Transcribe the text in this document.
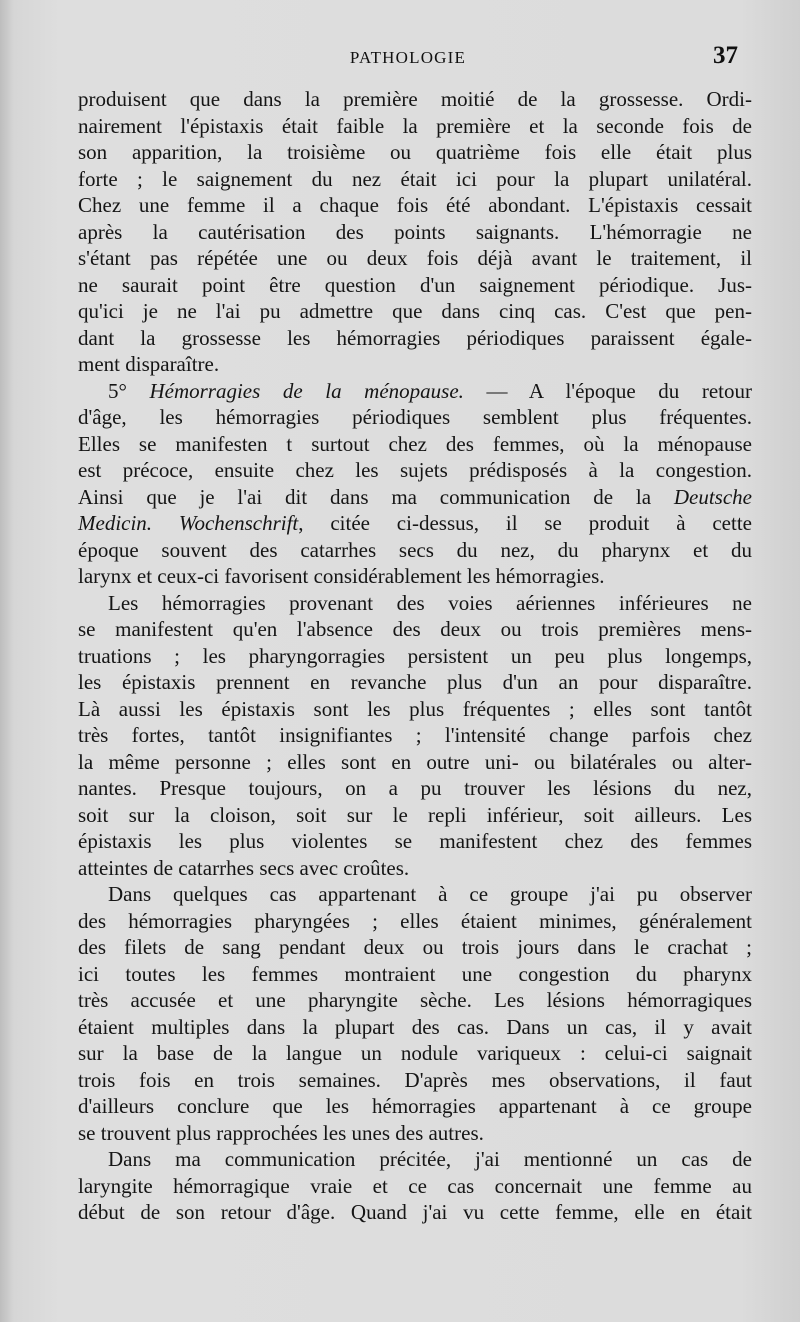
PATHOLOGIE	37
produisent que dans la première moitié de la grossesse. Ordi-
nairement l'épistaxis était faible la première et la seconde fois de
son apparition, la troisième ou quatrième fois elle était plus
forte ; le saignement du nez était ici pour la plupart unilatéral.
Chez une femme il a chaque fois été abondant. L'épistaxis cessait
après la cautérisation des points saignants. L'hémorragie ne
s'étant pas répétée une ou deux fois déjà avant le traitement, il
ne saurait point être question d'un saignement périodique. Jus-
qu'ici je ne l'ai pu admettre que dans cinq cas. C'est que pen-
dant la grossesse les hémorragies périodiques paraissent égale-
ment disparaître.
5° Hémorragies de la ménopause. — A l'époque du retour
d'âge, les hémorragies périodiques semblent plus fréquentes.
Elles se manifesten t surtout chez des femmes, où la ménopause
est précoce, ensuite chez les sujets prédisposés à la congestion.
Ainsi que je l'ai dit dans ma communication de la Deutsche
Medicin. Wochenschrift, citée ci-dessus, il se produit à cette
époque souvent des catarrhes secs du nez, du pharynx et du
larynx et ceux-ci favorisent considérablement les hémorragies.
Les hémorragies provenant des voies aériennes inférieures ne
se manifestent qu'en l'absence des deux ou trois premières mens-
truations ; les pharyngorragies persistent un peu plus longemps,
les épistaxis prennent en revanche plus d'un an pour disparaître.
Là aussi les épistaxis sont les plus fréquentes ; elles sont tantôt
très fortes, tantôt insignifiantes ; l'intensité change parfois chez
la même personne ; elles sont en outre uni- ou bilatérales ou alter-
nantes. Presque toujours, on a pu trouver les lésions du nez,
soit sur la cloison, soit sur le repli inférieur, soit ailleurs. Les
épistaxis les plus violentes se manifestent chez des femmes
atteintes de catarrhes secs avec croûtes.
Dans quelques cas appartenant à ce groupe j'ai pu observer
des hémorragies pharyngées ; elles étaient minimes, généralement
des filets de sang pendant deux ou trois jours dans le crachat ;
ici toutes les femmes montraient une congestion du pharynx
très accusée et une pharyngite sèche. Les lésions hémorragiques
étaient multiples dans la plupart des cas. Dans un cas, il y avait
sur la base de la langue un nodule variqueux : celui-ci saignait
trois fois en trois semaines. D'après mes observations, il faut
d'ailleurs conclure que les hémorragies appartenant à ce groupe
se trouvent plus rapprochées les unes des autres.
Dans ma communication précitée, j'ai mentionné un cas de
laryngite hémorragique vraie et ce cas concernait une femme au
début de son retour d'âge. Quand j'ai vu cette femme, elle en était
